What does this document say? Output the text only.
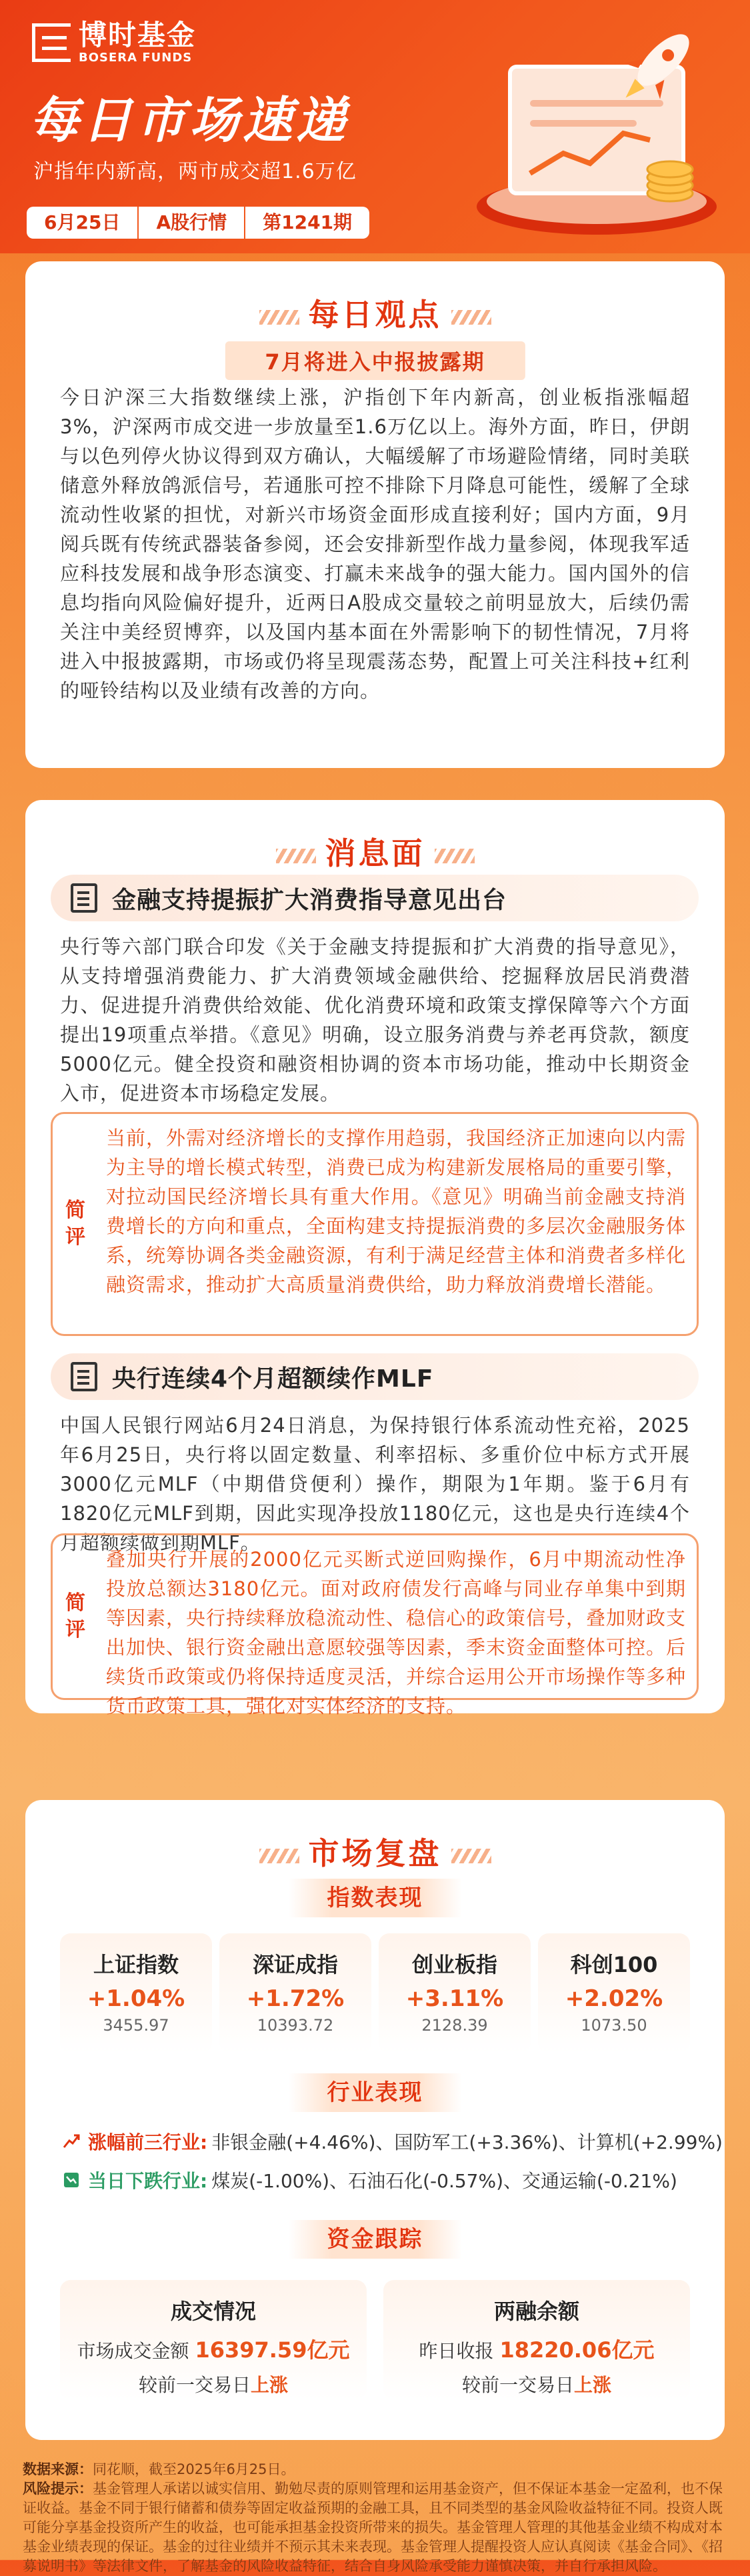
博时基金
BOSERA FUNDS
每日市场速递
沪指年内新高，两市成交超1.6万亿
6月25日	A股行情	第1241期
每日观点
7月将进入中报披露期
今日沪深三大指数继续上涨，沪指创下年内新高，创业板指涨幅超3%，沪深两市成交进一步放量至1.6万亿以上。海外方面，昨日，伊朗与以色列停火协议得到双方确认，大幅缓解了市场避险情绪，同时美联储意外释放鸽派信号，若通胀可控不排除下月降息可能性，缓解了全球流动性收紧的担忧，对新兴市场资金面形成直接利好；国内方面，9月阅兵既有传统武器装备参阅，还会安排新型作战力量参阅，体现我军适应科技发展和战争形态演变、打赢未来战争的强大能力。国内国外的信息均指向风险偏好提升，近两日A股成交量较之前明显放大，后续仍需关注中美经贸博弈，以及国内基本面在外需影响下的韧性情况，7月将进入中报披露期，市场或仍将呈现震荡态势，配置上可关注科技+红利的哑铃结构以及业绩有改善的方向。
消息面
金融支持提振扩大消费指导意见出台
央行等六部门联合印发《关于金融支持提振和扩大消费的指导意见》，从支持增强消费能力、扩大消费领域金融供给、挖掘释放居民消费潜力、促进提升消费供给效能、优化消费环境和政策支撑保障等六个方面提出19项重点举措。《意见》明确，设立服务消费与养老再贷款，额度5000亿元。健全投资和融资相协调的资本市场功能，推动中长期资金入市，促进资本市场稳定发展。
简评
当前，外需对经济增长的支撑作用趋弱，我国经济正加速向以内需为主导的增长模式转型，消费已成为构建新发展格局的重要引擎，对拉动国民经济增长具有重大作用。《意见》明确当前金融支持消费增长的方向和重点，全面构建支持提振消费的多层次金融服务体系，统筹协调各类金融资源，有利于满足经营主体和消费者多样化融资需求，推动扩大高质量消费供给，助力释放消费增长潜能。
央行连续4个月超额续作MLF
中国人民银行网站6月24日消息，为保持银行体系流动性充裕，2025年6月25日，央行将以固定数量、利率招标、多重价位中标方式开展3000亿元MLF（中期借贷便利）操作，期限为1年期。鉴于6月有1820亿元MLF到期，因此实现净投放1180亿元，这也是央行连续4个月超额续做到期MLF。
简评
叠加央行开展的2000亿元买断式逆回购操作，6月中期流动性净投放总额达3180亿元。面对政府债发行高峰与同业存单集中到期等因素，央行持续释放稳流动性、稳信心的政策信号，叠加财政支出加快、银行资金融出意愿较强等因素，季末资金面整体可控。后续货币政策或仍将保持适度灵活，并综合运用公开市场操作等多种货币政策工具，强化对实体经济的支持。
市场复盘
指数表现
上证指数
+1.04%
3455.97
深证成指
+1.72%
10393.72
创业板指
+3.11%
2128.39
科创100
+2.02%
1073.50
行业表现
涨幅前三行业: 非银金融(+4.46%)、国防军工(+3.36%)、计算机(+2.99%)
当日下跌行业: 煤炭(-1.00%)、石油石化(-0.57%)、交通运输(-0.21%)
资金跟踪
成交情况
市场成交金额 16397.59亿元
较前一交易日上涨
两融余额
昨日收报 18220.06亿元
较前一交易日上涨
数据来源：同花顺，截至2025年6月25日。
风险提示：基金管理人承诺以诚实信用、勤勉尽责的原则管理和运用基金资产，但不保证本基金一定盈利，也不保证收益。基金不同于银行储蓄和债券等固定收益预期的金融工具，且不同类型的基金风险收益特征不同。投资人既可能分享基金投资所产生的收益，也可能承担基金投资所带来的损失。基金管理人管理的其他基金业绩不构成对本基金业绩表现的保证。基金的过往业绩并不预示其未来表现。基金管理人提醒投资人应认真阅读《基金合同》、《招募说明书》等法律文件，了解基金的风险收益特征，结合自身风险承受能力谨慎决策，并自行承担风险。
